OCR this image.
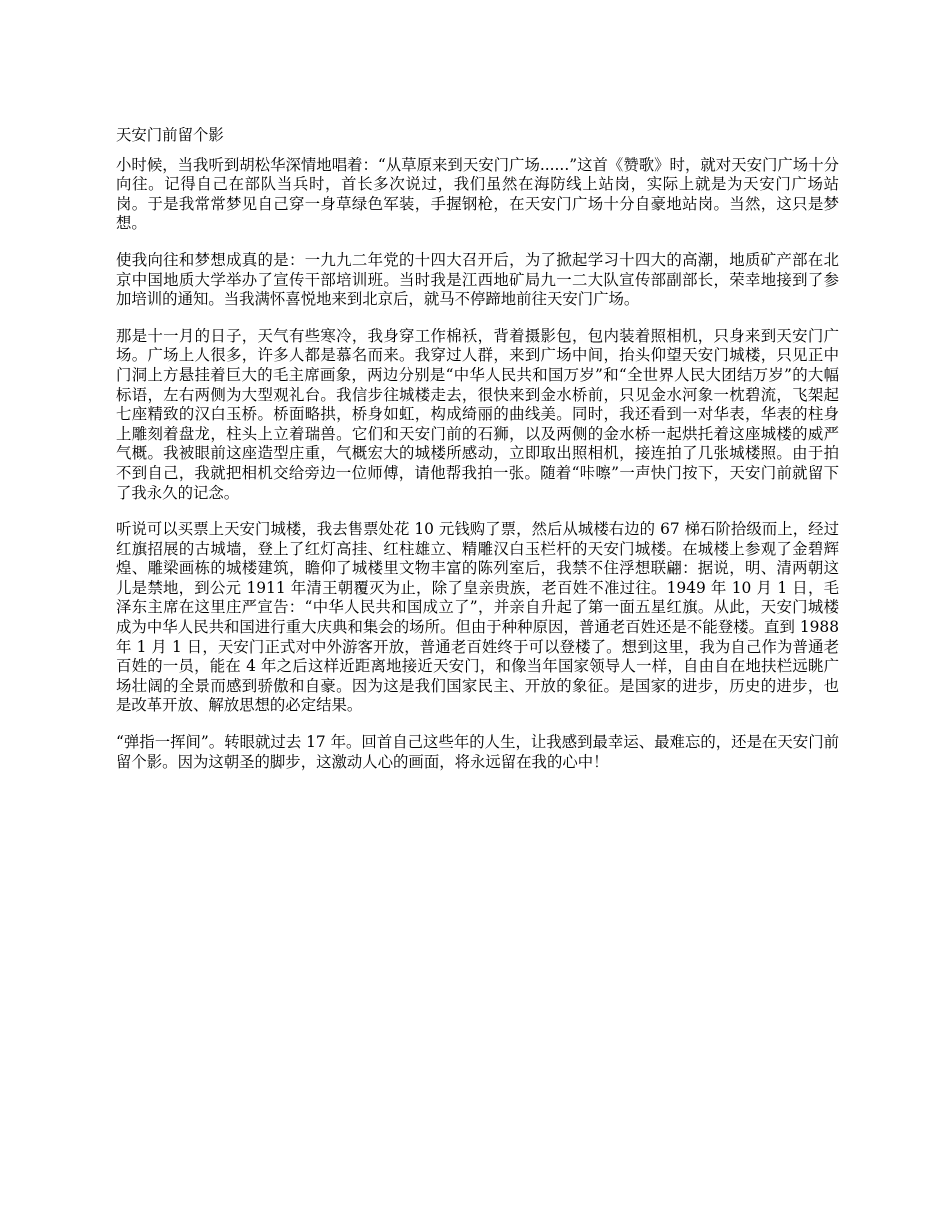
天安门前留个影

小时候，当我听到胡松华深情地唱着：“从草原来到天安门广场......”这首《赞歌》时，就对天安门广场十分向往。记得自己在部队当兵时，首长多次说过，我们虽然在海防线上站岗，实际上就是为天安门广场站岗。于是我常常梦见自己穿一身草绿色军装，手握钢枪，在天安门广场十分自豪地站岗。当然，这只是梦想。

使我向往和梦想成真的是：一九九二年党的十四大召开后，为了掀起学习十四大的高潮，地质矿产部在北京中国地质大学举办了宣传干部培训班。当时我是江西地矿局九一二大队宣传部副部长，荣幸地接到了参加培训的通知。当我满怀喜悦地来到北京后，就马不停蹄地前往天安门广场。

那是十一月的日子，天气有些寒冷，我身穿工作棉袄，背着摄影包，包内装着照相机，只身来到天安门广场。广场上人很多，许多人都是慕名而来。我穿过人群，来到广场中间，抬头仰望天安门城楼，只见正中门洞上方悬挂着巨大的毛主席画象，两边分别是“中华人民共和国万岁”和“全世界人民大团结万岁”的大幅标语，左右两侧为大型观礼台。我信步往城楼走去，很快来到金水桥前，只见金水河象一枕碧流，飞架起七座精致的汉白玉桥。桥面略拱，桥身如虹，构成绮丽的曲线美。同时，我还看到一对华表，华表的柱身上雕刻着盘龙，柱头上立着瑞兽。它们和天安门前的石狮，以及两侧的金水桥一起烘托着这座城楼的威严气概。我被眼前这座造型庄重，气概宏大的城楼所感动，立即取出照相机，接连拍了几张城楼照。由于拍不到自己，我就把相机交给旁边一位师傅，请他帮我拍一张。随着“咔嚓”一声快门按下，天安门前就留下了我永久的记念。

听说可以买票上天安门城楼，我去售票处花 10 元钱购了票，然后从城楼右边的 67 梯石阶拾级而上，经过红旗招展的古城墙，登上了红灯高挂、红柱雄立、精雕汉白玉栏杆的天安门城楼。在城楼上参观了金碧辉煌、雕梁画栋的城楼建筑，瞻仰了城楼里文物丰富的陈列室后，我禁不住浮想联翩：据说，明、清两朝这儿是禁地，到公元 1911 年清王朝覆灭为止，除了皇亲贵族，老百姓不准过往。1949 年 10 月 1 日，毛泽东主席在这里庄严宣告：“中华人民共和国成立了”，并亲自升起了第一面五星红旗。从此，天安门城楼成为中华人民共和国进行重大庆典和集会的场所。但由于种种原因，普通老百姓还是不能登楼。直到 1988 年 1 月 1 日，天安门正式对中外游客开放，普通老百姓终于可以登楼了。想到这里，我为自己作为普通老百姓的一员，能在 4 年之后这样近距离地接近天安门，和像当年国家领导人一样，自由自在地扶栏远眺广场壮阔的全景而感到骄傲和自豪。因为这是我们国家民主、开放的象征。是国家的进步，历史的进步，也是改革开放、解放思想的必定结果。

“弹指一挥间”。转眼就过去 17 年。回首自己这些年的人生，让我感到最幸运、最难忘的，还是在天安门前留个影。因为这朝圣的脚步，这激动人心的画面，将永远留在我的心中！
